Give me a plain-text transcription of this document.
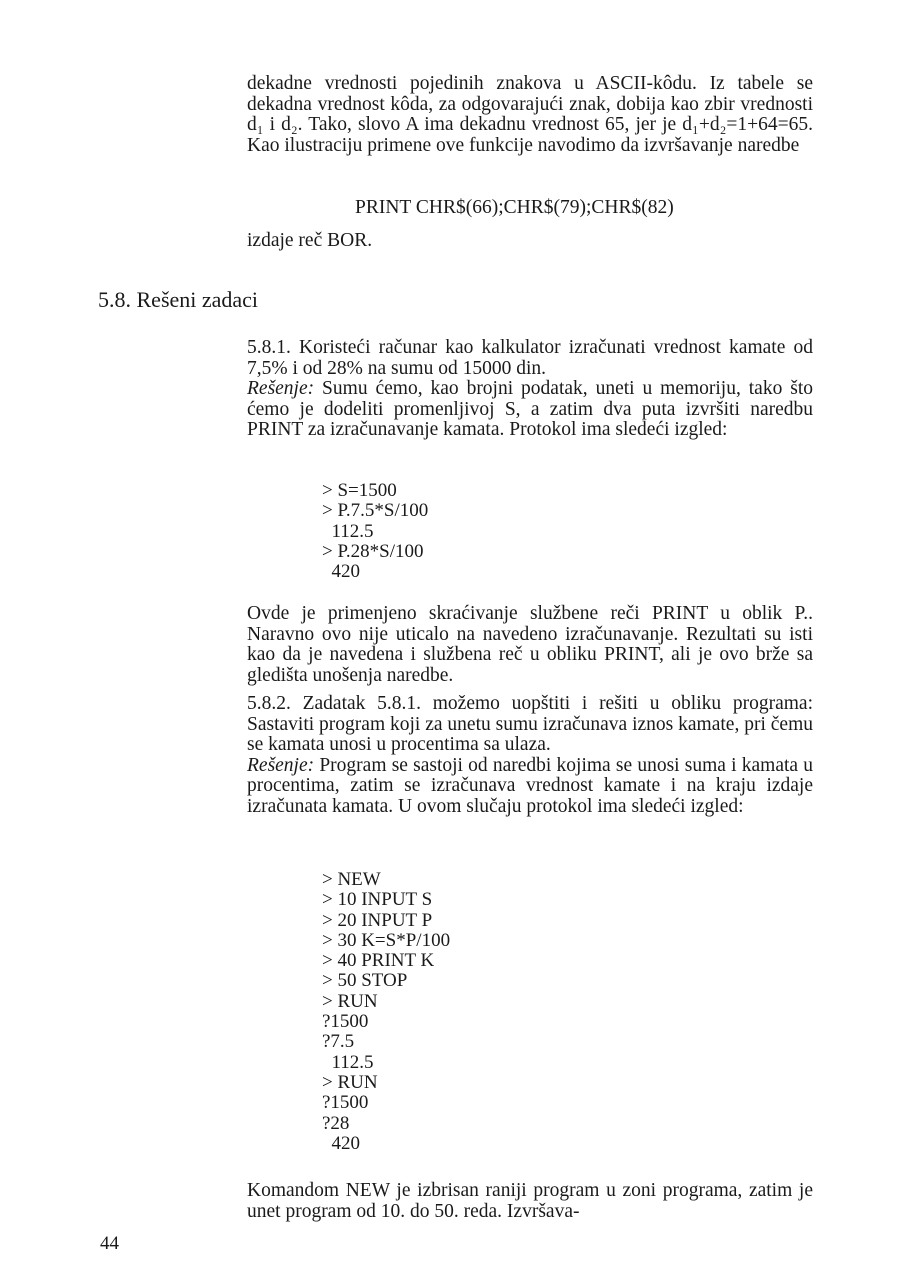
dekadne vrednosti pojedinih znakova u ASCII-kôdu. Iz tabele se dekadna vrednost kôda, za odgovarajući znak, dobija kao zbir vrednosti d₁ i d₂. Tako, slovo A ima dekadnu vrednost 65, jer je d₁+d₂=1+64=65. Kao ilustraciju primene ove funkcije navodimo da izvršavanje naredbe

PRINT CHR$(66);CHR$(79);CHR$(82)

izdaje reč BOR.

5.8. Rešeni zadaci

5.8.1. Koristeći računar kao kalkulator izračunati vrednost kamate od 7,5% i od 28% na sumu od 15000 din.

Rešenje: Sumu ćemo, kao brojni podatak, uneti u memoriju, tako što ćemo je dodeliti promenljivoj S, a zatim dva puta izvršiti naredbu PRINT za izračunavanje kamata. Protokol ima sledeći izgled:

> S=1500
> P.7.5*S/100
112.5
> P.28*S/100
420

Ovde je primenjeno skraćivanje službene reči PRINT u oblik P.. Naravno ovo nije uticalo na navedeno izračunavanje. Rezultati su isti kao da je navedena i službena reč u obliku PRINT, ali je ovo brže sa gledišta unošenja naredbe.

5.8.2. Zadatak 5.8.1. možemo uopštiti i rešiti u obliku programa: Sastaviti program koji za unetu sumu izračunava iznos kamate, pri čemu se kamata unosi u procentima sa ulaza.

Rešenje: Program se sastoji od naredbi kojima se unosi suma i kamata u procentima, zatim se izračunava vrednost kamate i na kraju izdaje izračunata kamata. U ovom slučaju protokol ima sledeći izgled:

> NEW
> 10 INPUT S
> 20 INPUT P
> 30 K=S*P/100
> 40 PRINT K
> 50 STOP
> RUN
?1500
?7.5
112.5
> RUN
?1500
?28
420

Komandom NEW je izbrisan raniji program u zoni programa, zatim je unet program od 10. do 50. reda. Izvršava-

44
